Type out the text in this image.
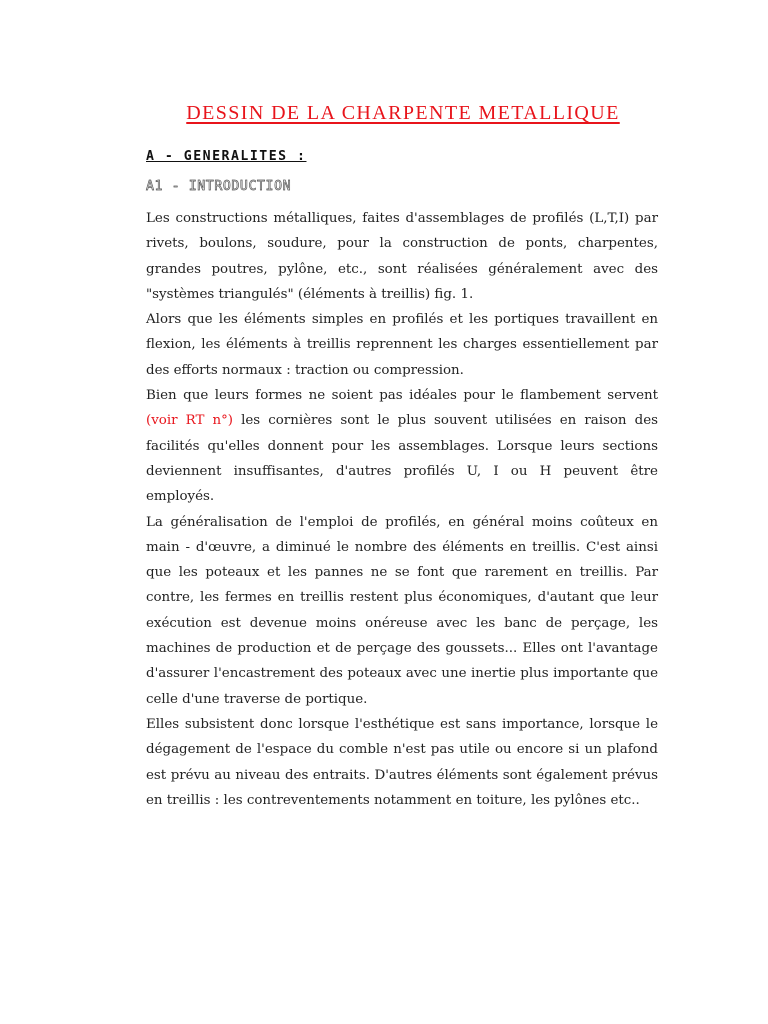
DESSIN DE LA CHARPENTE METALLIQUE
A - GENERALITES :
A1 - INTRODUCTION

Les constructions métalliques, faites d'assemblages de profilés (L,T,I) par rivets, boulons, soudure, pour la construction de ponts, charpentes, grandes poutres, pylône, etc., sont réalisées généralement avec des "systèmes triangulés" (éléments à treillis) fig. 1.

Alors que les éléments simples en profilés et les portiques travaillent en flexion, les éléments à treillis reprennent les charges essentiellement par des efforts normaux : traction ou compression.

Bien que leurs formes ne soient pas idéales pour le flambement servent (voir RT n°) les cornières sont le plus souvent utilisées en raison des facilités qu'elles donnent pour les assemblages. Lorsque leurs sections deviennent insuffisantes, d'autres profilés U, I ou H peuvent être employés.

La généralisation de l'emploi de profilés, en général moins coûteux en main - d'œuvre, a diminué le nombre des éléments en treillis. C'est ainsi que les poteaux et les pannes ne se font que rarement en treillis. Par contre, les fermes en treillis restent plus économiques, d'autant que leur exécution est devenue moins onéreuse avec les banc de perçage, les machines de production et de perçage des goussets... Elles ont l'avantage d'assurer l'encastrement des poteaux avec une inertie plus importante que celle d'une traverse de portique.

Elles subsistent donc lorsque l'esthétique est sans importance, lorsque le dégagement de l'espace du comble n'est pas utile ou encore si un plafond est prévu au niveau des entraits. D'autres éléments sont également prévus en treillis : les contreventements notamment en toiture, les pylônes etc..
